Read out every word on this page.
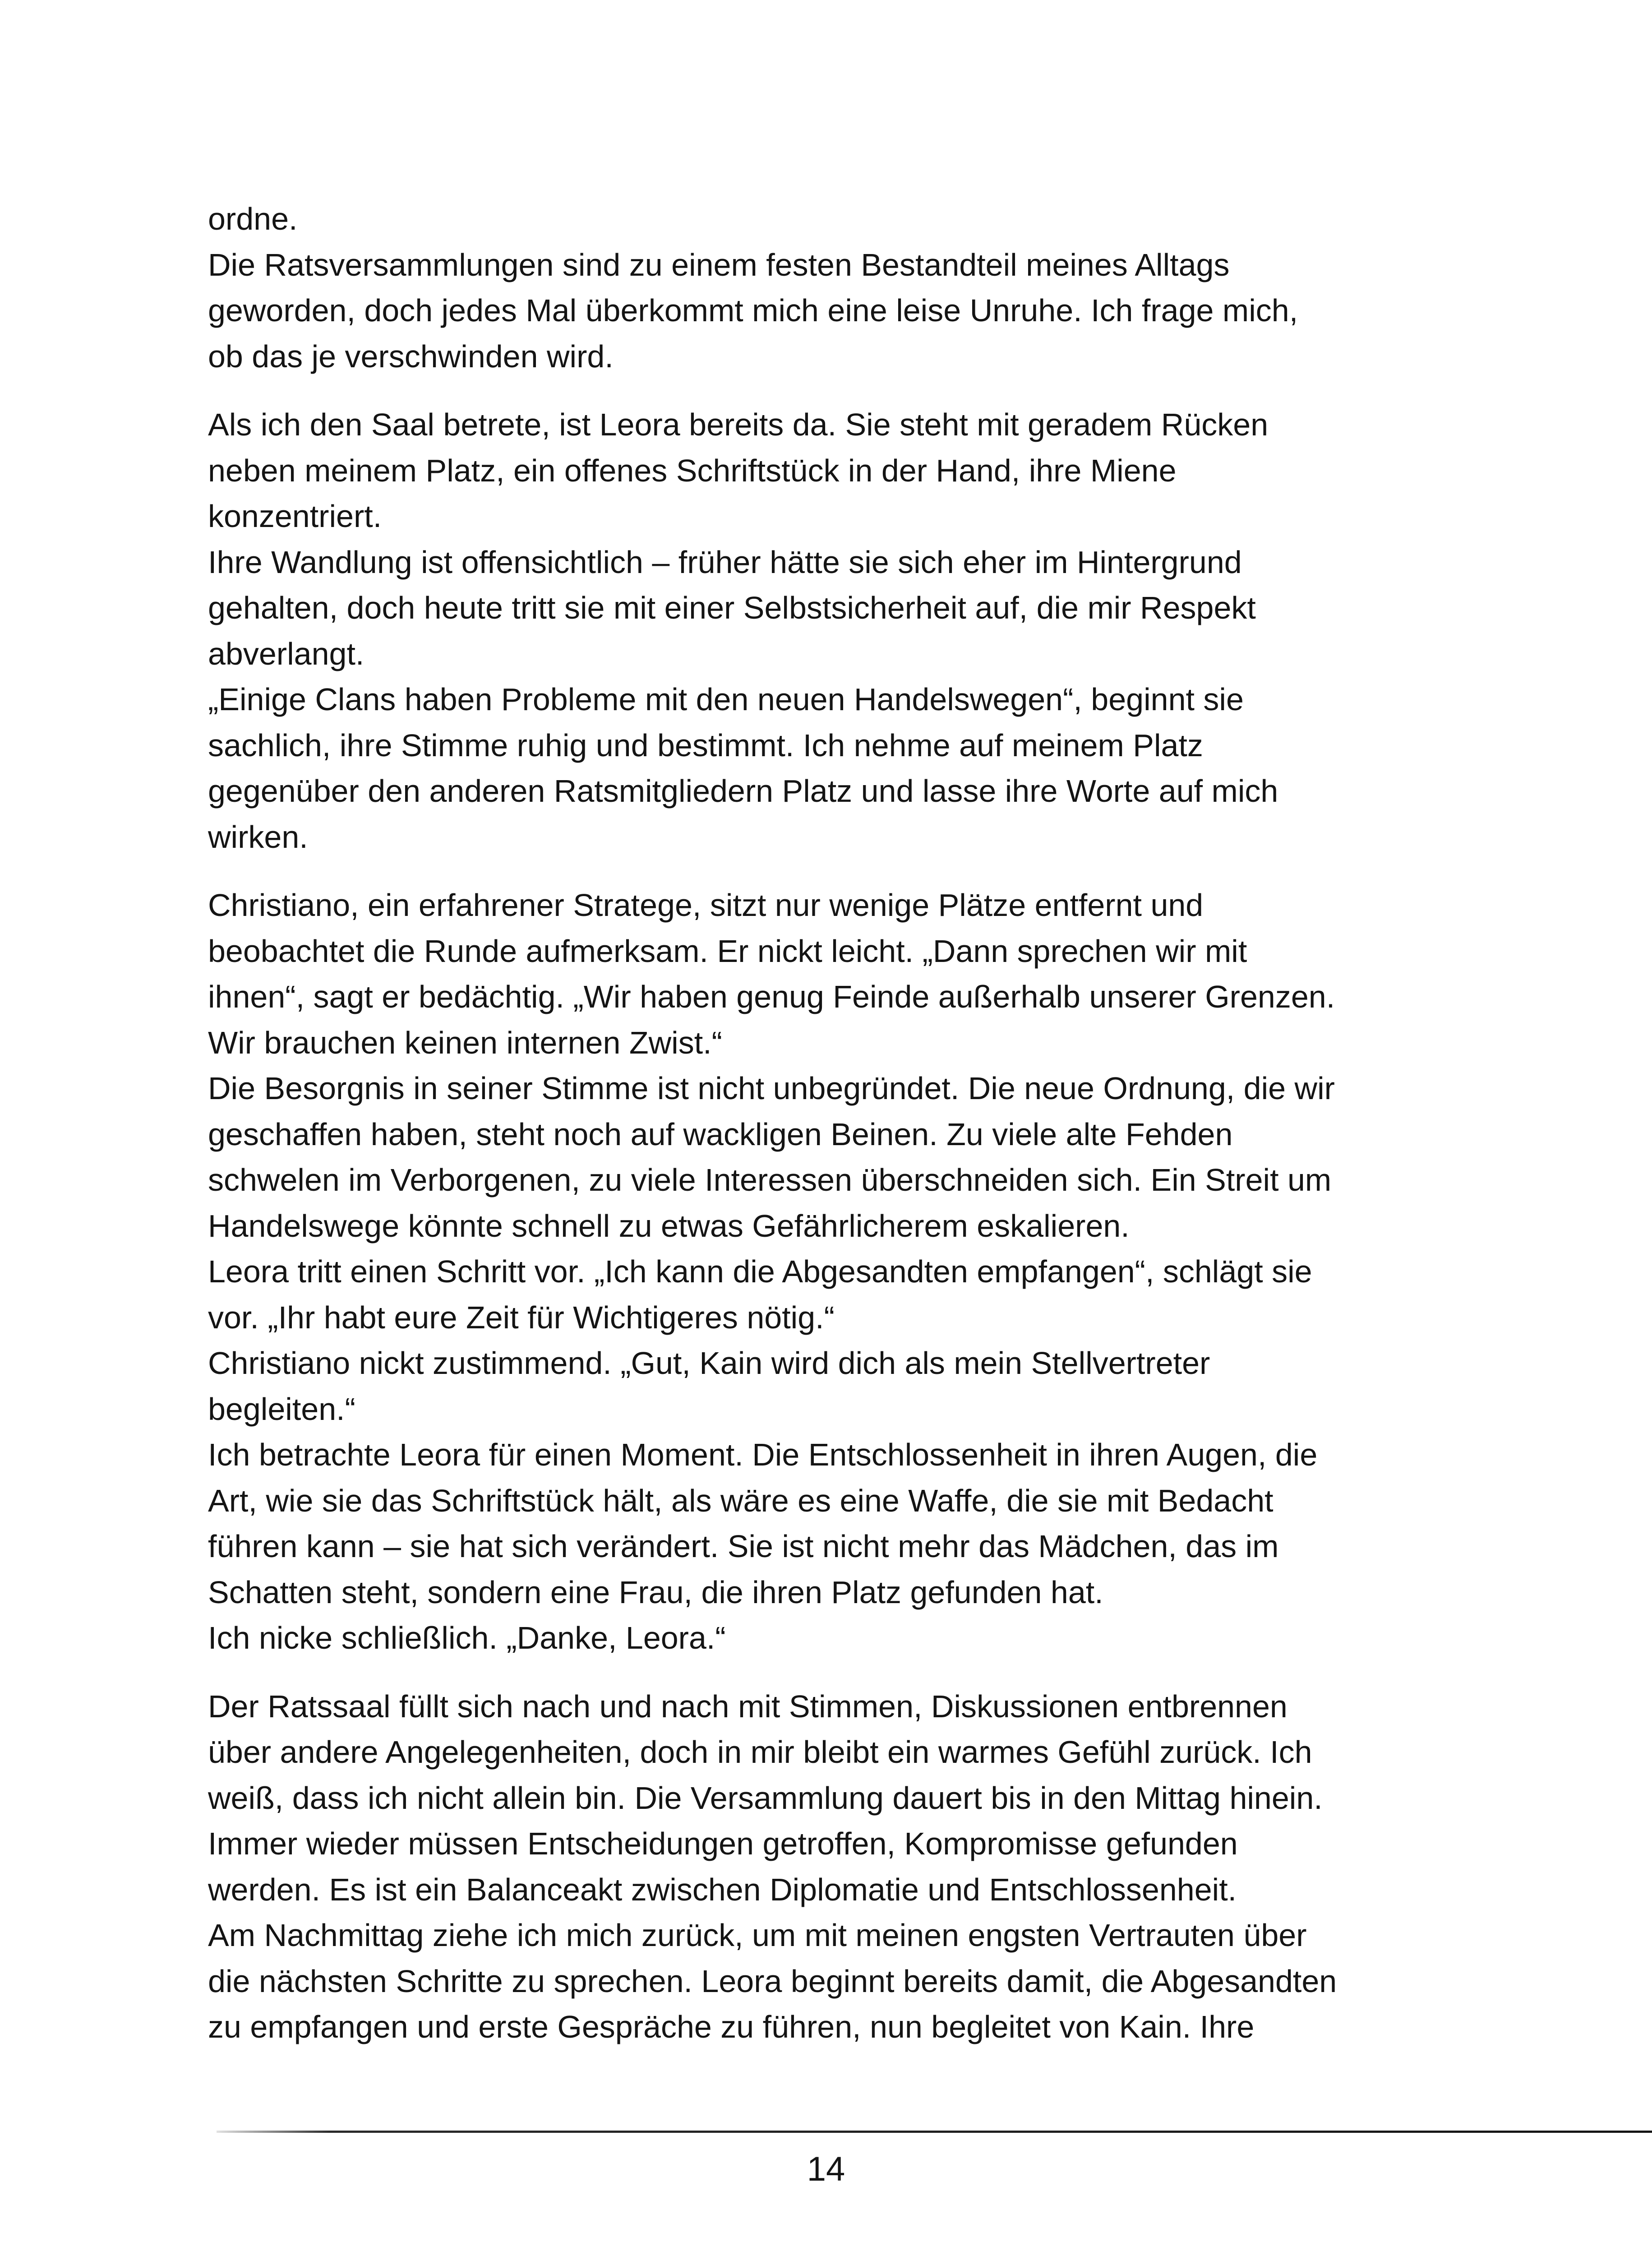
ordne.
Die Ratsversammlungen sind zu einem festen Bestandteil meines Alltags
geworden, doch jedes Mal überkommt mich eine leise Unruhe. Ich frage mich,
ob das je verschwinden wird.

Als ich den Saal betrete, ist Leora bereits da. Sie steht mit geradem Rücken
neben meinem Platz, ein offenes Schriftstück in der Hand, ihre Miene
konzentriert.
Ihre Wandlung ist offensichtlich – früher hätte sie sich eher im Hintergrund
gehalten, doch heute tritt sie mit einer Selbstsicherheit auf, die mir Respekt
abverlangt.
„Einige Clans haben Probleme mit den neuen Handelswegen“, beginnt sie
sachlich, ihre Stimme ruhig und bestimmt. Ich nehme auf meinem Platz
gegenüber den anderen Ratsmitgliedern Platz und lasse ihre Worte auf mich
wirken.

Christiano, ein erfahrener Stratege, sitzt nur wenige Plätze entfernt und
beobachtet die Runde aufmerksam. Er nickt leicht. „Dann sprechen wir mit
ihnen“, sagt er bedächtig. „Wir haben genug Feinde außerhalb unserer Grenzen.
Wir brauchen keinen internen Zwist.“
Die Besorgnis in seiner Stimme ist nicht unbegründet. Die neue Ordnung, die wir
geschaffen haben, steht noch auf wackligen Beinen. Zu viele alte Fehden
schwelen im Verborgenen, zu viele Interessen überschneiden sich. Ein Streit um
Handelswege könnte schnell zu etwas Gefährlicherem eskalieren.
Leora tritt einen Schritt vor. „Ich kann die Abgesandten empfangen“, schlägt sie
vor. „Ihr habt eure Zeit für Wichtigeres nötig.“
Christiano nickt zustimmend. „Gut, Kain wird dich als mein Stellvertreter
begleiten.“
Ich betrachte Leora für einen Moment. Die Entschlossenheit in ihren Augen, die
Art, wie sie das Schriftstück hält, als wäre es eine Waffe, die sie mit Bedacht
führen kann – sie hat sich verändert. Sie ist nicht mehr das Mädchen, das im
Schatten steht, sondern eine Frau, die ihren Platz gefunden hat.
Ich nicke schließlich. „Danke, Leora.“

Der Ratssaal füllt sich nach und nach mit Stimmen, Diskussionen entbrennen
über andere Angelegenheiten, doch in mir bleibt ein warmes Gefühl zurück. Ich
weiß, dass ich nicht allein bin. Die Versammlung dauert bis in den Mittag hinein.
Immer wieder müssen Entscheidungen getroffen, Kompromisse gefunden
werden. Es ist ein Balanceakt zwischen Diplomatie und Entschlossenheit.
Am Nachmittag ziehe ich mich zurück, um mit meinen engsten Vertrauten über
die nächsten Schritte zu sprechen. Leora beginnt bereits damit, die Abgesandten
zu empfangen und erste Gespräche zu führen, nun begleitet von Kain. Ihre

14
